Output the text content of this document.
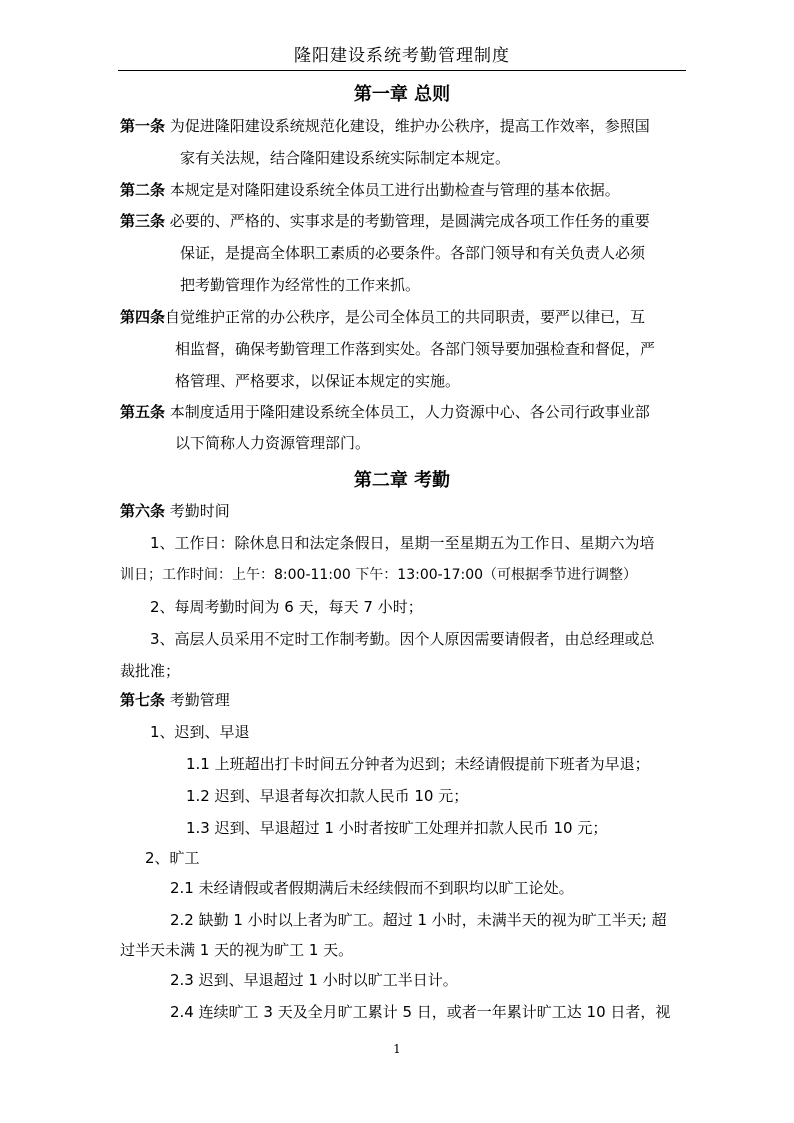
隆阳建设系统考勤管理制度
第一章 总则
第一条 为促进隆阳建设系统规范化建设，维护办公秩序，提高工作效率，参照国
家有关法规，结合隆阳建设系统实际制定本规定。
第二条 本规定是对隆阳建设系统全体员工进行出勤检查与管理的基本依据。
第三条 必要的、严格的、实事求是的考勤管理，是圆满完成各项工作任务的重要
保证，是提高全体职工素质的必要条件。各部门领导和有关负责人必须
把考勤管理作为经常性的工作来抓。
第四条自觉维护正常的办公秩序，是公司全体员工的共同职责，要严以律已，互
相监督，确保考勤管理工作落到实处。各部门领导要加强检查和督促，严
格管理、严格要求，以保证本规定的实施。
第五条 本制度适用于隆阳建设系统全体员工，人力资源中心、各公司行政事业部
以下简称人力资源管理部门。
第二章 考勤
第六条 考勤时间
1、工作日：除休息日和法定条假日，星期一至星期五为工作日、星期六为培
训日；工作时间：上午：8:00-11:00 下午：13:00-17:00（可根据季节进行调整）
2、每周考勤时间为 6 天，每天 7 小时；
3、高层人员采用不定时工作制考勤。因个人原因需要请假者，由总经理或总
裁批准；
第七条 考勤管理
1、迟到、早退
1.1 上班超出打卡时间五分钟者为迟到；未经请假提前下班者为早退；
1.2 迟到、早退者每次扣款人民币 10 元；
1.3 迟到、早退超过 1 小时者按旷工处理并扣款人民币 10 元；
2、旷工
2.1 未经请假或者假期满后未经续假而不到职均以旷工论处。
2.2 缺勤 1 小时以上者为旷工。超过 1 小时，未满半天的视为旷工半天; 超
过半天未满 1 天的视为旷工 1 天。
2.3 迟到、早退超过 1 小时以旷工半日计。
2.4 连续旷工 3 天及全月旷工累计 5 日，或者一年累计旷工达 10 日者，视
1
